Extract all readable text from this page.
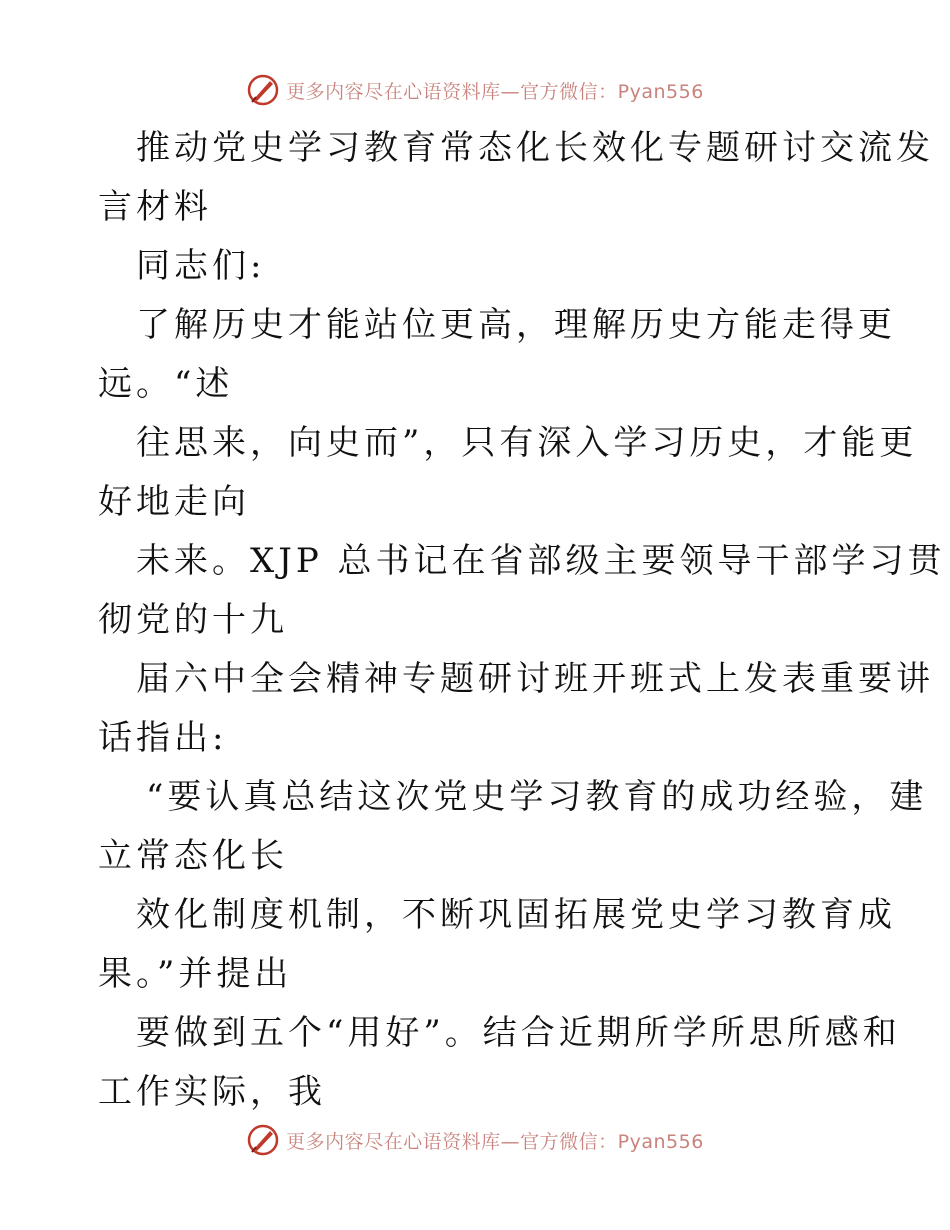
更多内容尽在心语资料库—官方微信：Pyan556
推动党史学习教育常态化长效化专题研讨交流发
言材料
同志们:
了解历史才能站位更高，理解历史方能走得更
远。“述
往思来，向史而”，只有深入学习历史，才能更
好地走向
未来。XJP 总书记在省部级主要领导干部学习贯
彻党的十九
届六中全会精神专题研讨班开班式上发表重要讲
话指出:
“要认真总结这次党史学习教育的成功经验，建
立常态化长
效化制度机制，不断巩固拓展党史学习教育成
果。”并提出
要做到五个“用好”。结合近期所学所思所感和
工作实际，我
更多内容尽在心语资料库—官方微信：Pyan556
